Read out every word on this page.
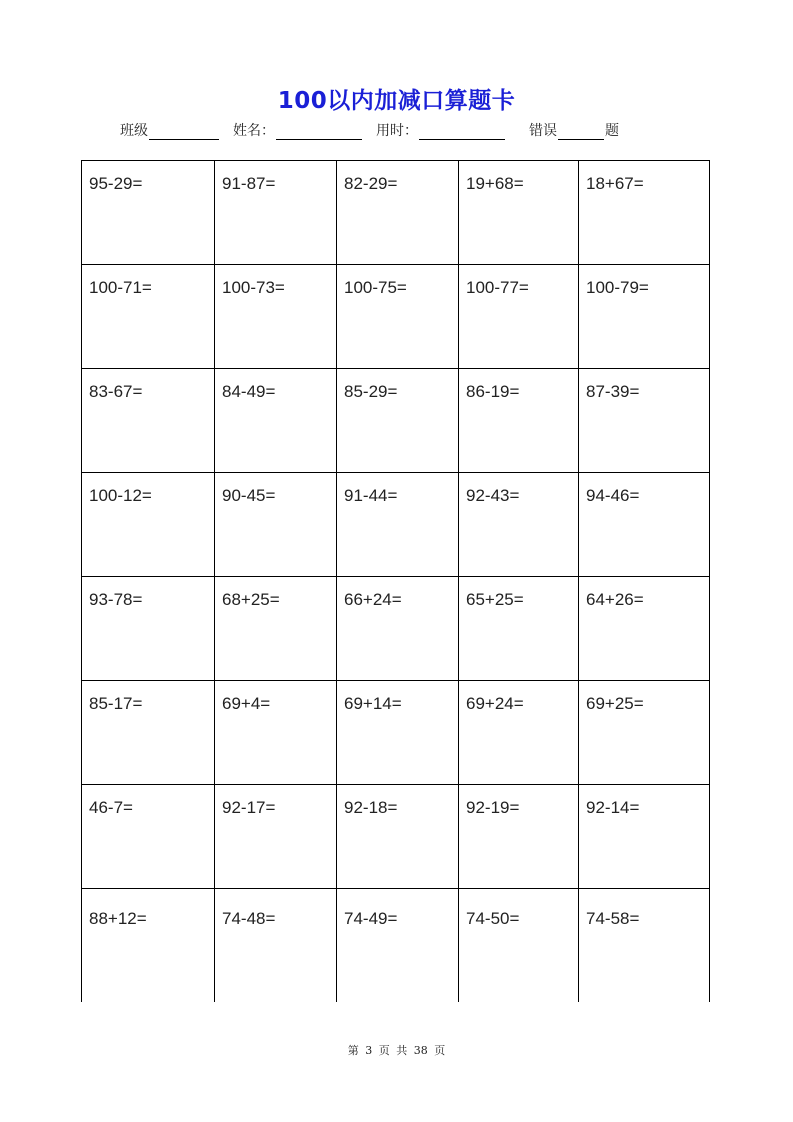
100以内加减口算题卡
班级	姓名：	用时：	错误	题
95-29=	91-87=	82-29=	19+68=	18+67=
100-71=	100-73=	100-75=	100-77=	100-79=
83-67=	84-49=	85-29=	86-19=	87-39=
100-12=	90-45=	91-44=	92-43=	94-46=
93-78=	68+25=	66+24=	65+25=	64+26=
85-17=	69+4=	69+14=	69+24=	69+25=
46-7=	92-17=	92-18=	92-19=	92-14=
88+12=	74-48=	74-49=	74-50=	74-58=
第 3 页 共 38 页
